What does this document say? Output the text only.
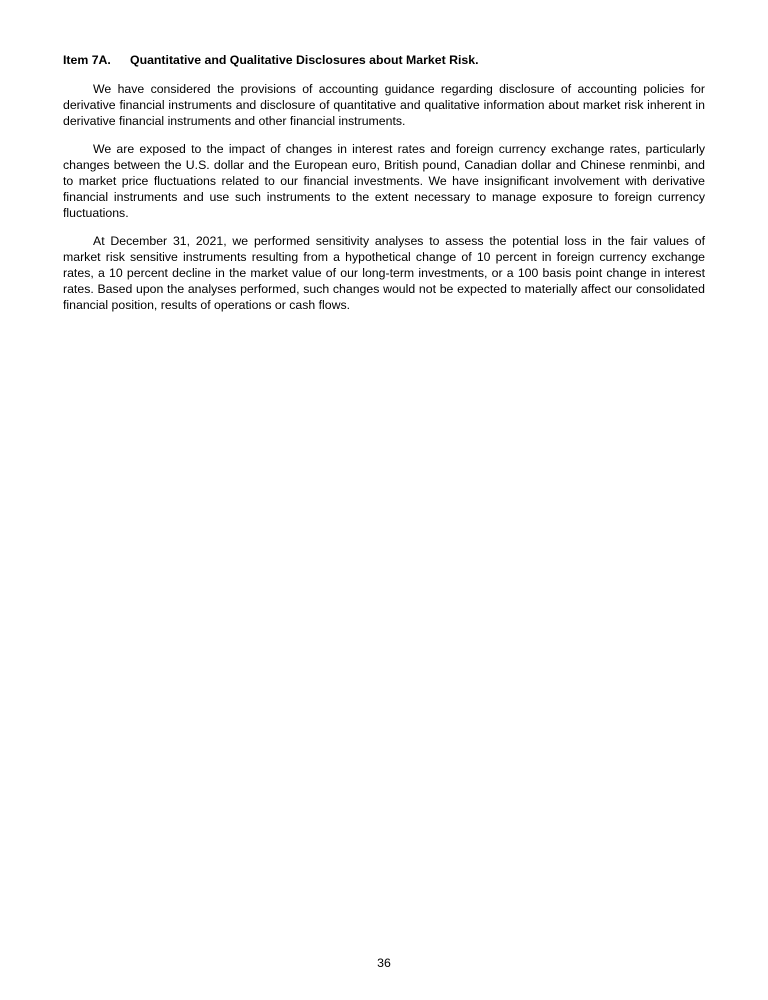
Item 7A. Quantitative and Qualitative Disclosures about Market Risk.

We have considered the provisions of accounting guidance regarding disclosure of accounting policies for derivative financial instruments and disclosure of quantitative and qualitative information about market risk inherent in derivative financial instruments and other financial instruments.

We are exposed to the impact of changes in interest rates and foreign currency exchange rates, particularly changes between the U.S. dollar and the European euro, British pound, Canadian dollar and Chinese renminbi, and to market price fluctuations related to our financial investments. We have insignificant involvement with derivative financial instruments and use such instruments to the extent necessary to manage exposure to foreign currency fluctuations.

At December 31, 2021, we performed sensitivity analyses to assess the potential loss in the fair values of market risk sensitive instruments resulting from a hypothetical change of 10 percent in foreign currency exchange rates, a 10 percent decline in the market value of our long-term investments, or a 100 basis point change in interest rates. Based upon the analyses performed, such changes would not be expected to materially affect our consolidated financial position, results of operations or cash flows.

36
